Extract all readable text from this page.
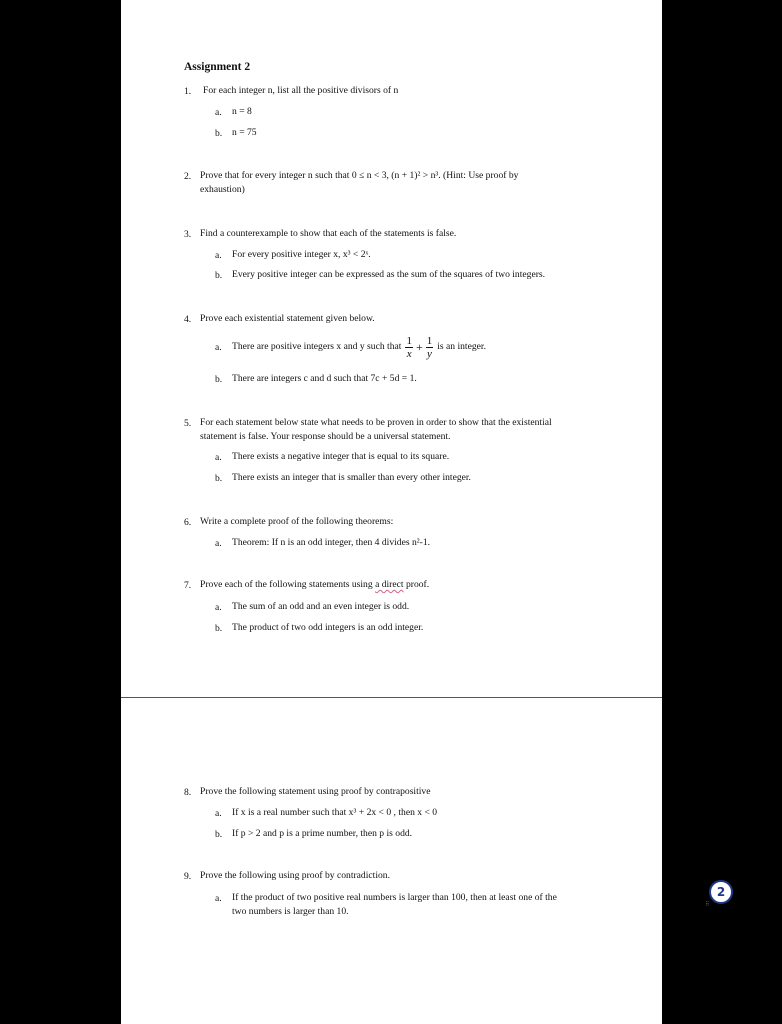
Assignment 2
1. For each integer n, list all the positive divisors of n
a. n = 8
b. n = 75
2. Prove that for every integer n such that 0 ≤ n < 3, (n + 1)² > n³. (Hint: Use proof by
exhaustion)
3. Find a counterexample to show that each of the statements is false.
a. For every positive integer x, x³ < 2ˣ.
b. Every positive integer can be expressed as the sum of the squares of two integers.
4. Prove each existential statement given below.
a. There are positive integers x and y such that $\frac{1}{x} + \frac{1}{y}$ is an integer.
b. There are integers c and d such that 7c + 5d = 1.
5. For each statement below state what needs to be proven in order to show that the existential
statement is false. Your response should be a universal statement.
a. There exists a negative integer that is equal to its square.
b. There exists an integer that is smaller than every other integer.
6. Write a complete proof of the following theorems:
a. Theorem: If n is an odd integer, then 4 divides n²-1.
7. Prove each of the following statements using a direct proof.
a. The sum of an odd and an even integer is odd.
b. The product of two odd integers is an odd integer.
8. Prove the following statement using proof by contrapositive
a. If x is a real number such that x³ + 2x < 0 , then x < 0
b. If p > 2 and p is a prime number, then p is odd.
9. Prove the following using proof by contradiction.
a. If the product of two positive real numbers is larger than 100, then at least one of the
two numbers is larger than 10.
2
⠿
